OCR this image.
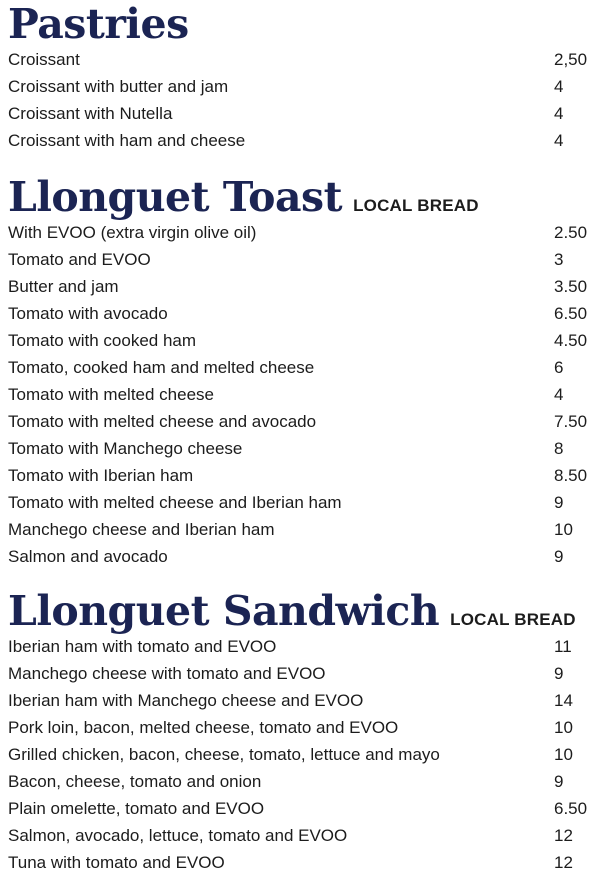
Pastries
Croissant	2,50
Croissant with butter and jam	4
Croissant with Nutella	4
Croissant with ham and cheese	4
Llonguet Toast LOCAL BREAD
With EVOO (extra virgin olive oil)	2.50
Tomato and EVOO	3
Butter and jam	3.50
Tomato with avocado	6.50
Tomato with cooked ham	4.50
Tomato, cooked ham and melted cheese	6
Tomato with melted cheese	4
Tomato with melted cheese and avocado	7.50
Tomato with Manchego cheese	8
Tomato with Iberian ham	8.50
Tomato with melted cheese and Iberian ham	9
Manchego cheese and Iberian ham	10
Salmon and avocado	9
Llonguet Sandwich LOCAL BREAD
Iberian ham with tomato and EVOO	11
Manchego cheese with tomato and EVOO	9
Iberian ham with Manchego cheese and EVOO	14
Pork loin, bacon, melted cheese, tomato and EVOO	10
Grilled chicken, bacon, cheese, tomato, lettuce and mayo	10
Bacon, cheese, tomato and onion	9
Plain omelette, tomato and EVOO	6.50
Salmon, avocado, lettuce, tomato and EVOO	12
Tuna with tomato and EVOO	12
